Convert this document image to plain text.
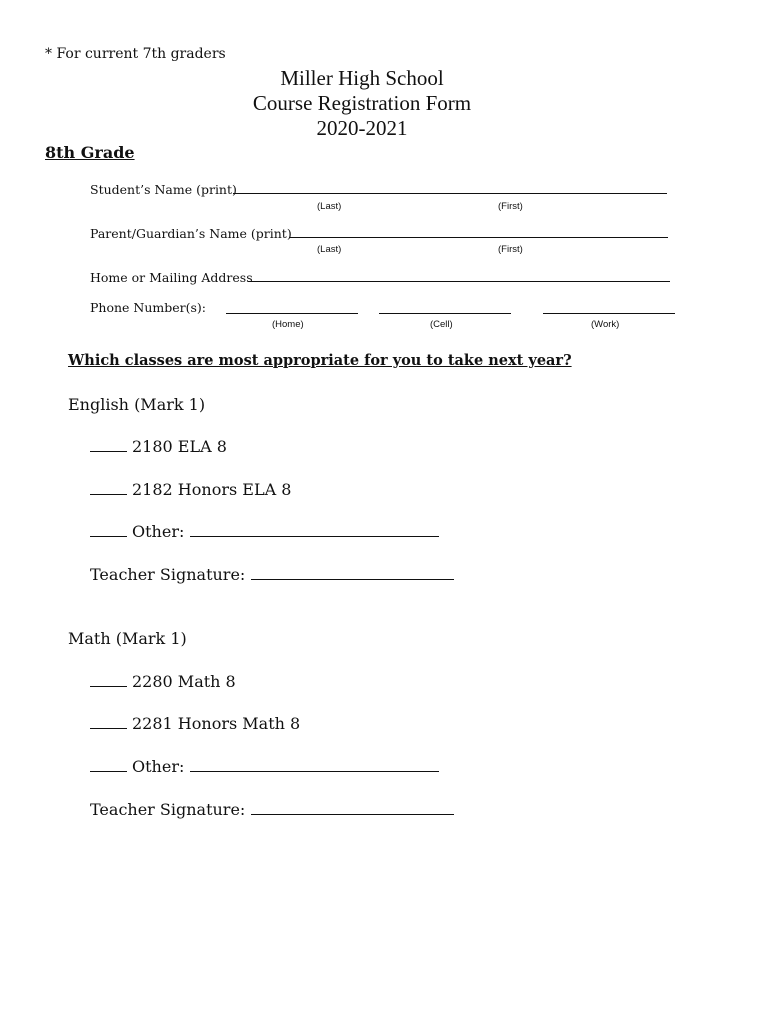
* For current 7th graders
Miller High School
Course Registration Form
2020-2021
8th Grade
Student’s Name (print)
(Last)	(First)
Parent/Guardian’s Name (print)
(Last)	(First)
Home or Mailing Address
Phone Number(s):
(Home)	(Cell)	(Work)
Which classes are most appropriate for you to take next year?
English (Mark 1)
2180 ELA 8
2182 Honors ELA 8
Other:
Teacher Signature:
Math (Mark 1)
2280 Math 8
2281 Honors Math 8
Other:
Teacher Signature:
